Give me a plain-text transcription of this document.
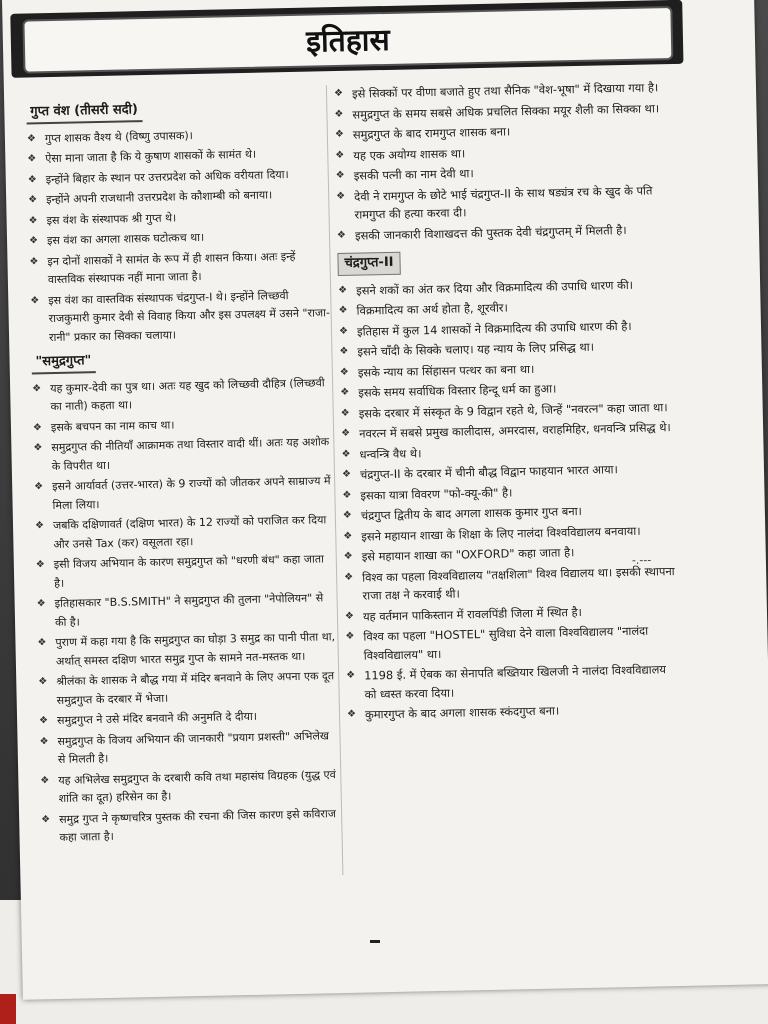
इतिहास
गुप्त वंश (तीसरी सदी)
❖ गुप्त शासक वैश्य थे (विष्णु उपासक)।
❖ ऐसा माना जाता है कि ये कुषाण शासकों के सामंत थे।
❖ इन्होंने बिहार के स्थान पर उत्तरप्रदेश को अधिक वरीयता दिया।
❖ इन्होंने अपनी राजधानी उत्तरप्रदेश के कौशाम्बी को बनाया।
❖ इस वंश के संस्थापक श्री गुप्त थे।
❖ इस वंश का अगला शासक घटोत्कच था।
❖ इन दोनों शासकों ने सामंत के रूप में ही शासन किया। अतः इन्हें वास्तविक संस्थापक नहीं माना जाता है।
❖ इस वंश का वास्तविक संस्थापक चंद्रगुप्त-I थे। इन्होंने लिच्छवी राजकुमारी कुमार देवी से विवाह किया और इस उपलक्ष्य में उसने "राजा-रानी" प्रकार का सिक्का चलाया।
"समुद्रगुप्त"
❖ यह कुमार-देवी का पुत्र था। अतः यह खुद को लिच्छवी दौहित्र (लिच्छवी का नाती) कहता था।
❖ इसके बचपन का नाम काच था।
❖ समुद्रगुप्त की नीतियाँ आक्रामक तथा विस्तार वादी थीं। अतः यह अशोक के विपरीत था।
❖ इसने आर्यावर्त (उत्तर-भारत) के 9 राज्यों को जीतकर अपने साम्राज्य में मिला लिया।
❖ जबकि दक्षिणावर्त (दक्षिण भारत) के 12 राज्यों को पराजित कर दिया और उनसे Tax (कर) वसूलता रहा।
❖ इसी विजय अभियान के कारण समुद्रगुप्त को "धरणी बंध" कहा जाता है।
❖ इतिहासकार "B.S.SMITH" ने समुद्रगुप्त की तुलना "नेपोलियन" से की है।
❖ पुराण में कहा गया है कि समुद्रगुप्त का घोड़ा 3 समुद्र का पानी पीता था, अर्थात् समस्त दक्षिण भारत समुद्र गुप्त के सामने नत-मस्तक था।
❖ श्रीलंका के शासक ने बौद्ध गया में मंदिर बनवाने के लिए अपना एक दूत समुद्रगुप्त के दरबार में भेजा।
❖ समुद्रगुप्त ने उसे मंदिर बनवाने की अनुमति दे दीया।
❖ समुद्रगुप्त के विजय अभियान की जानकारी "प्रयाग प्रशस्ती" अभिलेख से मिलती है।
❖ यह अभिलेख समुद्रगुप्त के दरबारी कवि तथा महासंघ विग्रहक (युद्ध एवं शांति का दूत) हरिसेन का है।
❖ समुद्र गुप्त ने कृष्णचरित्र पुस्तक की रचना की जिस कारण इसे कविराज कहा जाता है।
❖ इसे सिक्कों पर वीणा बजाते हुए तथा सैनिक "वेश-भूषा" में दिखाया गया है।
❖ समुद्रगुप्त के समय सबसे अधिक प्रचलित सिक्का मयूर शैली का सिक्का था।
❖ समुद्रगुप्त के बाद रामगुप्त शासक बना।
❖ यह एक अयोग्य शासक था।
❖ इसकी पत्नी का नाम देवी था।
❖ देवी ने रामगुप्त के छोटे भाई चंद्रगुप्त-II के साथ षड्यंत्र रच के खुद के पति रामगुप्त की हत्या करवा दी।
❖ इसकी जानकारी विशाखदत्त की पुस्तक देवी चंद्रगुप्तम् में मिलती है।
चंद्रगुप्त-II
❖ इसने शकों का अंत कर दिया और विक्रमादित्य की उपाधि धारण की।
❖ विक्रमादित्य का अर्थ होता है, शूरवीर।
❖ इतिहास में कुल 14 शासकों ने विक्रमादित्य की उपाधि धारण की है।
❖ इसने चाँदी के सिक्के चलाए। यह न्याय के लिए प्रसिद्ध था।
❖ इसके न्याय का सिंहासन पत्थर का बना था।
❖ इसके समय सर्वाधिक विस्तार हिन्दू धर्म का हुआ।
❖ इसके दरबार में संस्कृत के 9 विद्वान रहते थे, जिन्हें "नवरत्न" कहा जाता था।
❖ नवरत्न में सबसे प्रमुख कालीदास, अमरदास, वराहमिहिर, धनवन्त्रि प्रसिद्ध थे।
❖ धन्वन्त्रि वैध थे।
❖ चंद्रगुप्त-II के दरबार में चीनी बौद्ध विद्वान फाहयान भारत आया।
❖ इसका यात्रा विवरण "फो-क्यू-की" है।
❖ चंद्रगुप्त द्वितीय के बाद अगला शासक कुमार गुप्त बना।
❖ इसने महायान शाखा के शिक्षा के लिए नालंदा विश्वविद्यालय बनवाया।
❖ इसे महायान शाखा का "OXFORD" कहा जाता है।
❖ विश्व का पहला विश्वविद्यालय "तक्षशिला" विश्व विद्यालय था। इसकी स्थापना राजा तक्ष ने करवाई थी।
❖ यह वर्तमान पाकिस्तान में रावलपिंडी जिला में स्थित है।
❖ विश्व का पहला "HOSTEL" सुविधा देने वाला विश्वविद्यालय "नालंदा विश्वविद्यालय" था।
❖ 1198 ई. में ऐबक का सेनापति बख्तियार खिलजी ने नालंदा विश्वविद्यालय को ध्वस्त करवा दिया।
❖ कुमारगुप्त के बाद अगला शासक स्कंदगुप्त बना।
-.---
